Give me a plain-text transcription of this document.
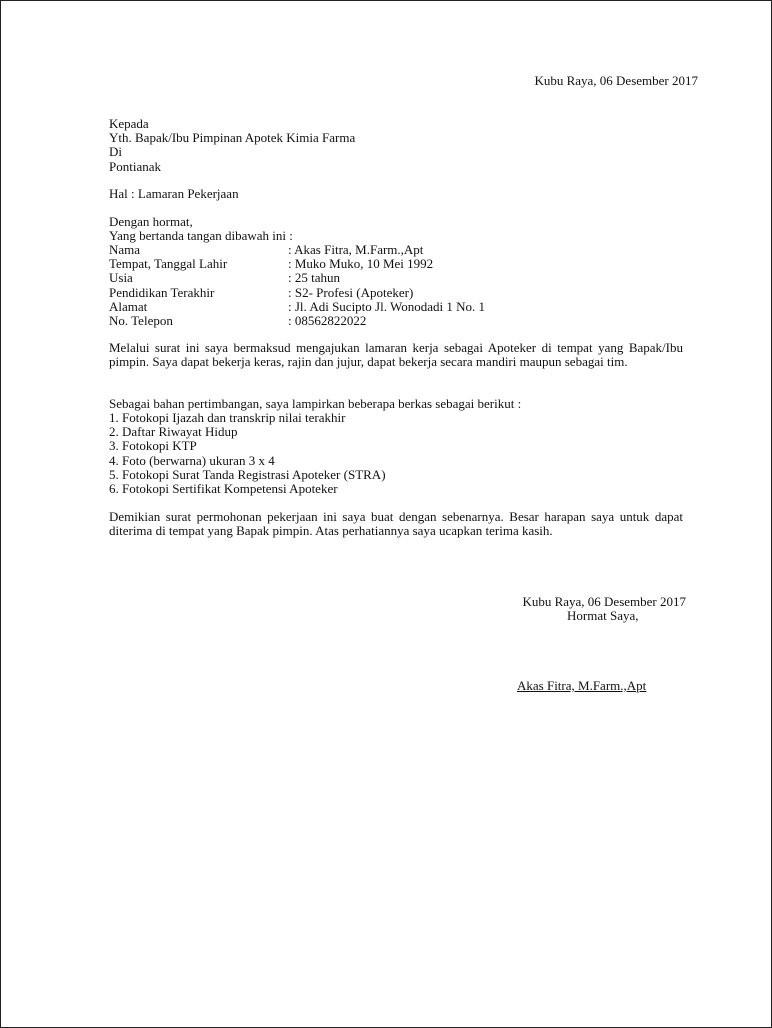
Kubu Raya, 06 Desember 2017
Kepada
Yth. Bapak/Ibu Pimpinan Apotek Kimia Farma
Di
Pontianak
Hal : Lamaran Pekerjaan
Dengan hormat,
Yang bertanda tangan dibawah ini :
Nama	: Akas Fitra, M.Farm.,Apt
Tempat, Tanggal Lahir	: Muko Muko, 10 Mei 1992
Usia	: 25 tahun
Pendidikan Terakhir	: S2- Profesi (Apoteker)
Alamat	: Jl. Adi Sucipto Jl. Wonodadi 1 No. 1
No. Telepon	: 08562822022
Melalui surat ini saya bermaksud mengajukan lamaran kerja sebagai Apoteker di tempat yang Bapak/Ibu pimpin. Saya dapat bekerja keras, rajin dan jujur, dapat bekerja secara mandiri maupun sebagai tim.
Sebagai bahan pertimbangan, saya lampirkan beberapa berkas sebagai berikut :
1. Fotokopi Ijazah dan transkrip nilai terakhir
2. Daftar Riwayat Hidup
3. Fotokopi KTP
4. Foto (berwarna) ukuran 3 x 4
5. Fotokopi Surat Tanda Registrasi Apoteker (STRA)
6. Fotokopi Sertifikat Kompetensi Apoteker
Demikian surat permohonan pekerjaan ini saya buat dengan sebenarnya. Besar harapan saya untuk dapat diterima di tempat yang Bapak pimpin. Atas perhatiannya saya ucapkan terima kasih.
Kubu Raya, 06 Desember 2017
Hormat Saya,
Akas Fitra, M.Farm.,Apt
